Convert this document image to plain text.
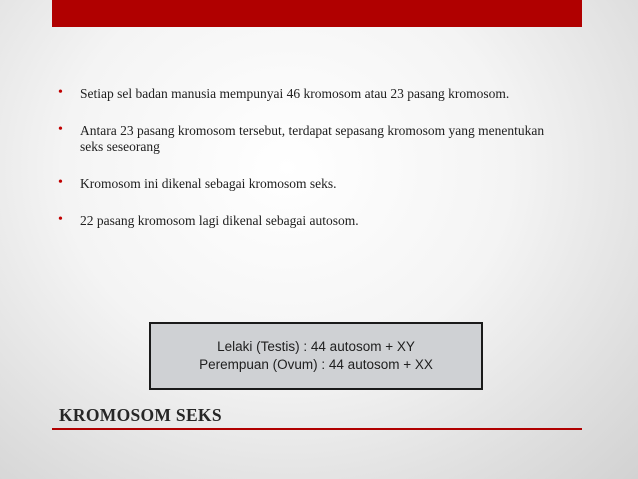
• Setiap sel badan manusia mempunyai 46 kromosom atau 23 pasang kromosom.
• Antara 23 pasang kromosom tersebut, terdapat sepasang kromosom yang menentukan seks seseorang
• Kromosom ini dikenal sebagai kromosom seks.
• 22 pasang kromosom lagi dikenal sebagai autosom.
Lelaki (Testis) : 44 autosom + XY
Perempuan (Ovum) : 44 autosom + XX
KROMOSOM SEKS
